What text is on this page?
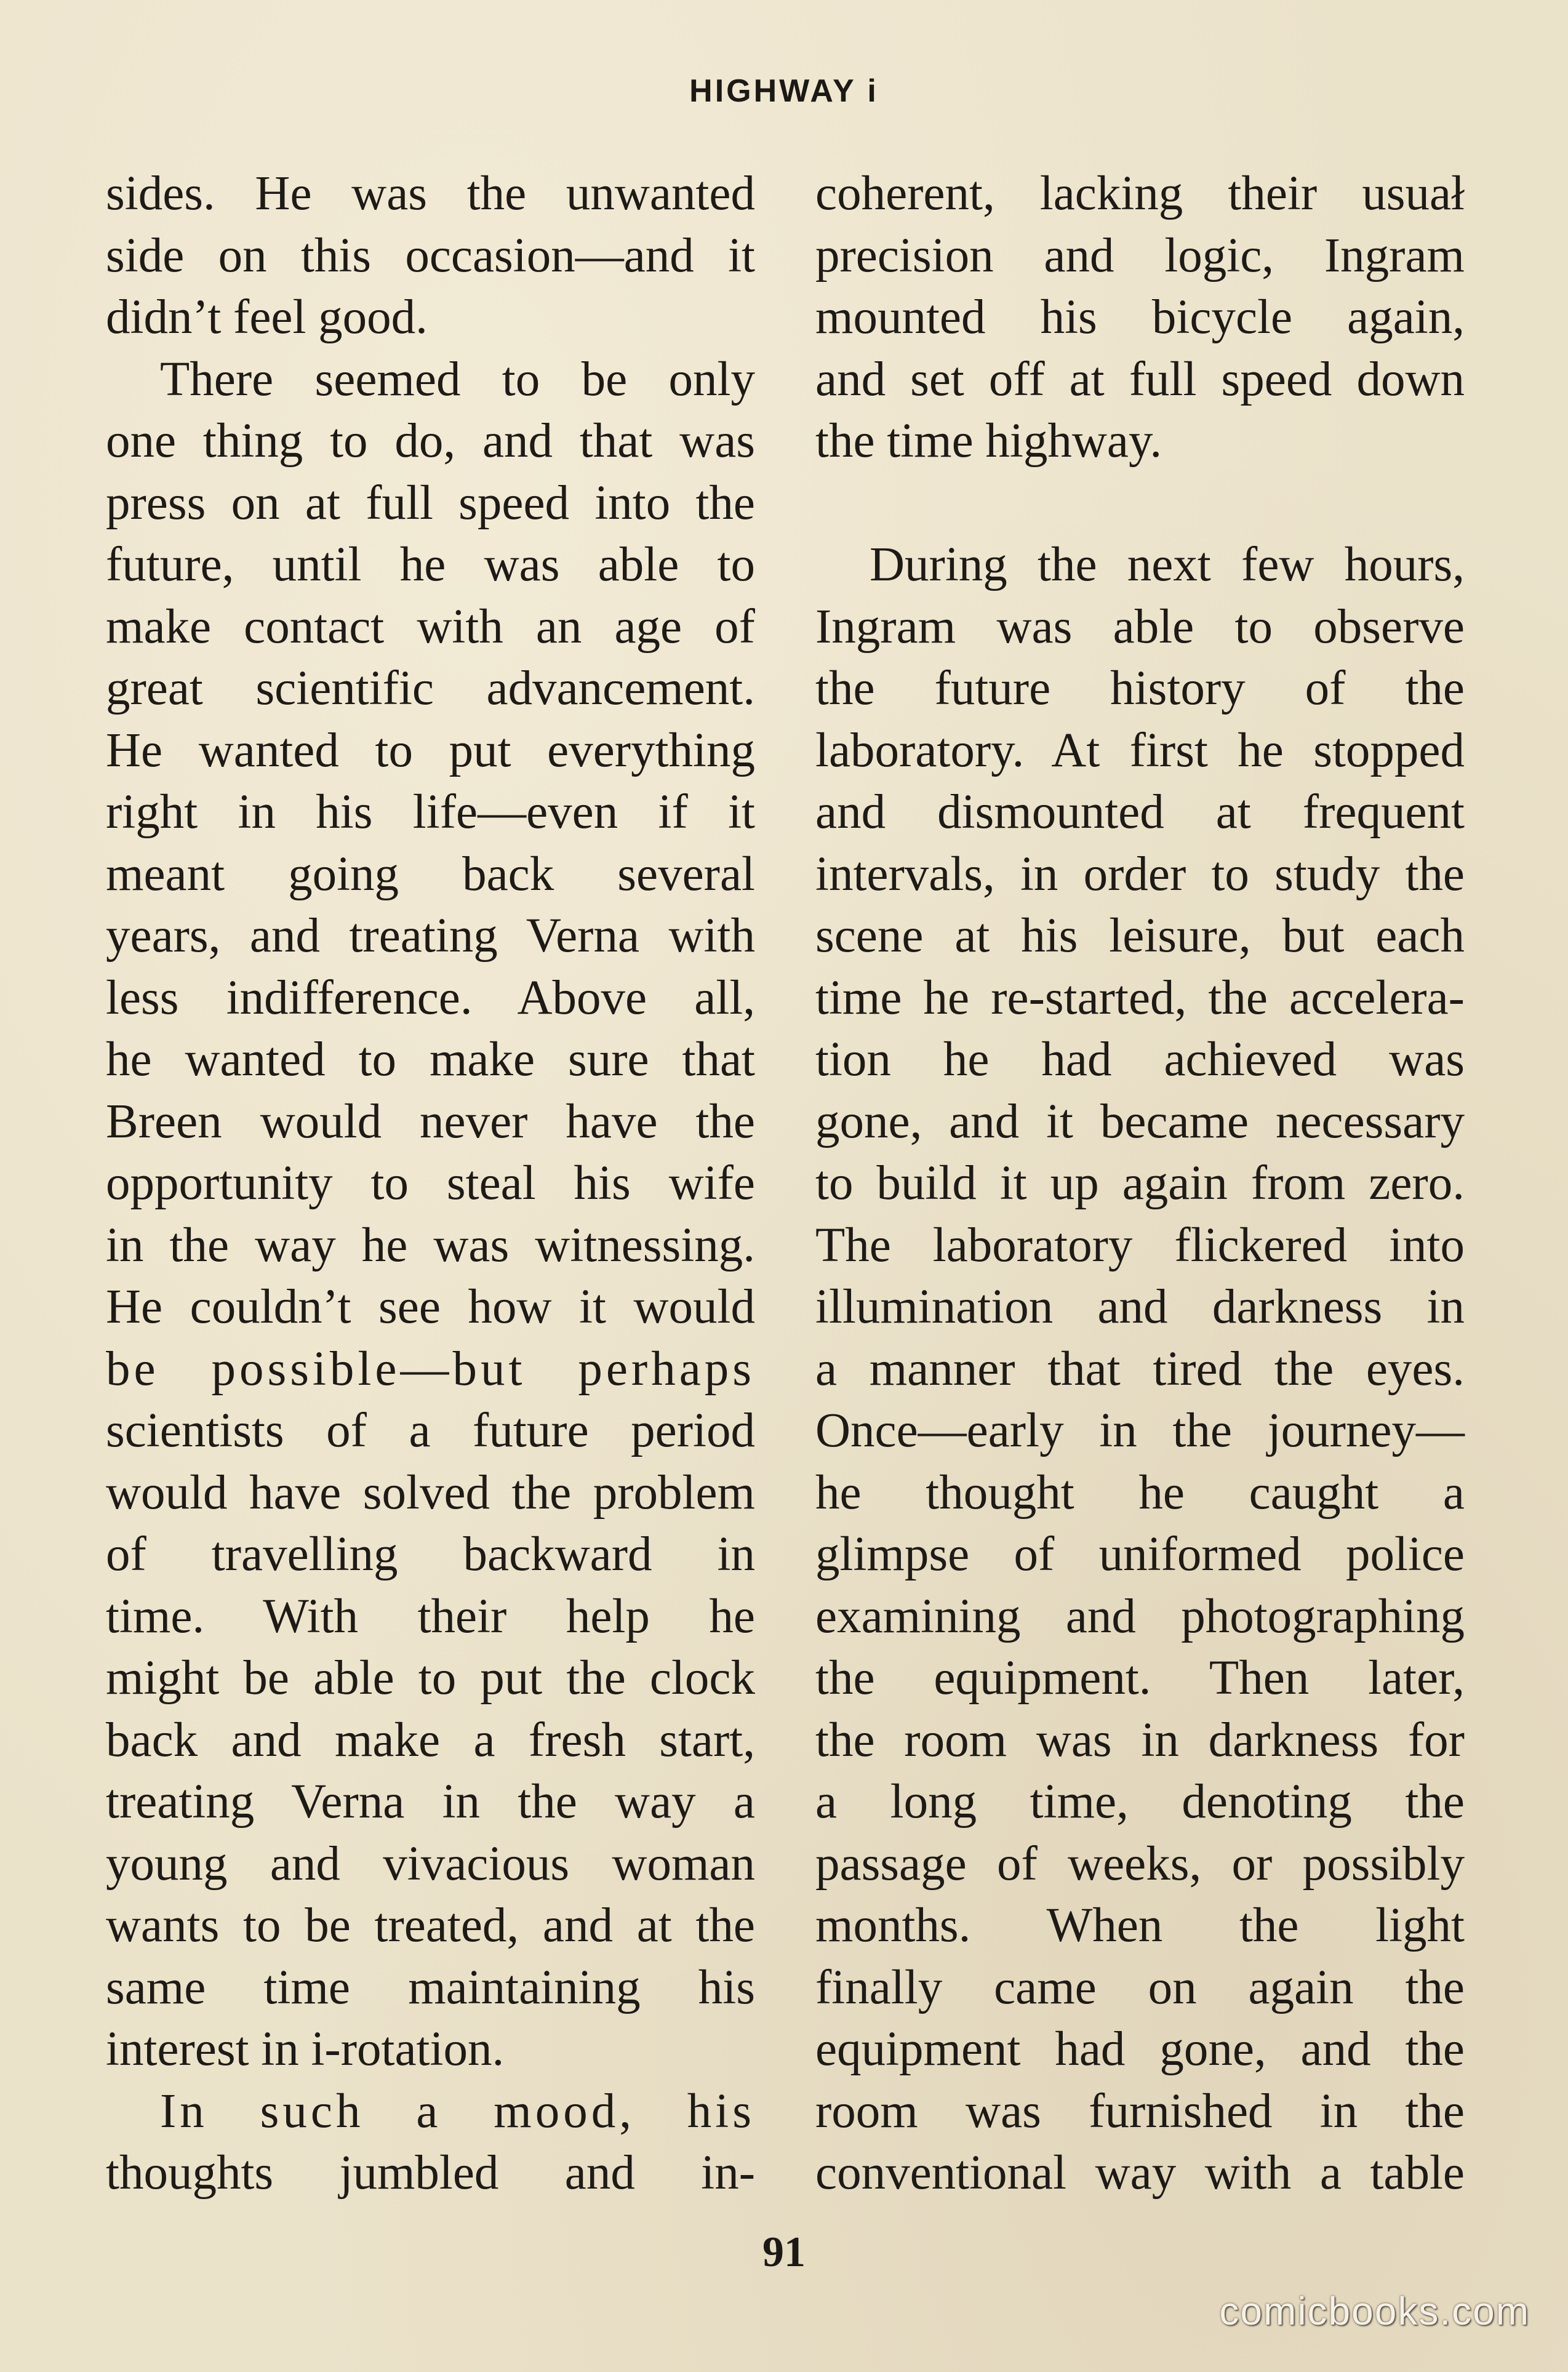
HIGHWAY i
sides. He was the unwanted
side on this occasion—and it
didn’t feel good.
There seemed to be only
one thing to do, and that was
press on at full speed into the
future, until he was able to
make contact with an age of
great scientific advancement.
He wanted to put everything
right in his life—even if it
meant going back several
years, and treating Verna with
less indifference. Above all,
he wanted to make sure that
Breen would never have the
opportunity to steal his wife
in the way he was witnessing.
He couldn’t see how it would
be possible—but perhaps
scientists of a future period
would have solved the problem
of travelling backward in
time. With their help he
might be able to put the clock
back and make a fresh start,
treating Verna in the way a
young and vivacious woman
wants to be treated, and at the
same time maintaining his
interest in i-rotation.
In such a mood, his
thoughts jumbled and in-
coherent, lacking their usuał
precision and logic, Ingram
mounted his bicycle again,
and set off at full speed down
the time highway.
During the next few hours,
Ingram was able to observe
the future history of the
laboratory. At first he stopped
and dismounted at frequent
intervals, in order to study the
scene at his leisure, but each
time he re-started, the accelera-
tion he had achieved was
gone, and it became necessary
to build it up again from zero.
The laboratory flickered into
illumination and darkness in
a manner that tired the eyes.
Once—early in the journey—
he thought he caught a
glimpse of uniformed police
examining and photographing
the equipment. Then later,
the room was in darkness for
a long time, denoting the
passage of weeks, or possibly
months. When the light
finally came on again the
equipment had gone, and the
room was furnished in the
conventional way with a table
91
comicbooks.com
